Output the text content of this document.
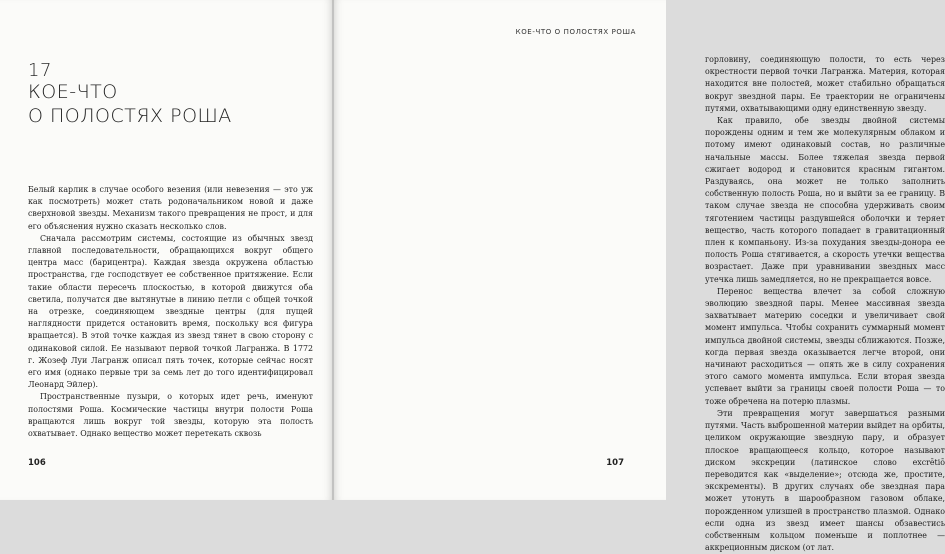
17
КОЕ-ЧТО
О ПОЛОСТЯХ РОША

Белый карлик в случае особого везения (или невезения — это уж как посмотреть) может стать родоначальником новой и даже сверхновой звезды. Механизм такого превращения не прост, и для его объяснения нужно сказать несколько слов.

Сначала рассмотрим системы, состоящие из обычных звезд главной последовательности, обращающихся вокруг общего центра масс (барицентра). Каждая звезда окружена областью пространства, где господствует ее собственное притяжение. Если такие области пересечь плоскостью, в которой движутся оба светила, получатся две вытянутые в линию петли с общей точкой на отрезке, соединяющем звездные центры (для пущей наглядности придется остановить время, поскольку вся фигура вращается). В этой точке каждая из звезд тянет в свою сторону с одинаковой силой. Ее называют первой точкой Лагранжа. В 1772 г. Жозеф Луи Лагранж описал пять точек, которые сейчас носят его имя (однако первые три за семь лет до того идентифицировал Леонард Эйлер).

Пространственные пузыри, о которых идет речь, именуют полостями Роша. Космические частицы внутри полости Роша вращаются лишь вокруг той звезды, которую эта полость охватывает. Однако вещество может перетекать сквозь

106
КОЕ-ЧТО О ПОЛОСТЯХ РОША

горловину, соединяющую полости, то есть через окрестности первой точки Лагранжа. Материя, которая находится вне полостей, может стабильно обращаться вокруг звездной пары. Ее траектории не ограничены путями, охватывающими одну единственную звезду.

Как правило, обе звезды двойной системы порождены одним и тем же молекулярным облаком и потому имеют одинаковый состав, но различные начальные массы. Более тяжелая звезда первой сжигает водород и становится красным гигантом. Раздуваясь, она может не только заполнить собственную полость Роша, но и выйти за ее границу. В таком случае звезда не способна удерживать своим тяготением частицы раздувшейся оболочки и теряет вещество, часть которого попадает в гравитационный плен к компаньону. Из-за похудания звезды-донора ее полость Роша стягивается, а скорость утечки вещества возрастает. Даже при уравнивании звездных масс утечка лишь замедляется, но не прекращается вовсе.

Перенос вещества влечет за собой сложную эволюцию звездной пары. Менее массивная звезда захватывает материю соседки и увеличивает свой момент импульса. Чтобы сохранить суммарный момент импульса двойной системы, звезды сближаются. Позже, когда первая звезда оказывается легче второй, они начинают расходиться — опять же в силу сохранения этого самого момента импульса. Если вторая звезда успевает выйти за границы своей полости Роша — то тоже обречена на потерю плазмы.

Эти превращения могут завершаться разными путями. Часть выброшенной материи выйдет на орбиты, целиком окружающие звездную пару, и образует плоское вращающееся кольцо, которое называют диском экскреции (латинское слово excrētiō переводится как «выделение»; отсюда же, простите, экскременты). В других случаях обе звездная пара может утонуть в шарообразном газовом облаке, порожденном улизшей в пространство плазмой. Однако если одна из звезд имеет шансы обзавестись собственным кольцом поменьше и поплотнее — аккреционным диском (от лат.

107
